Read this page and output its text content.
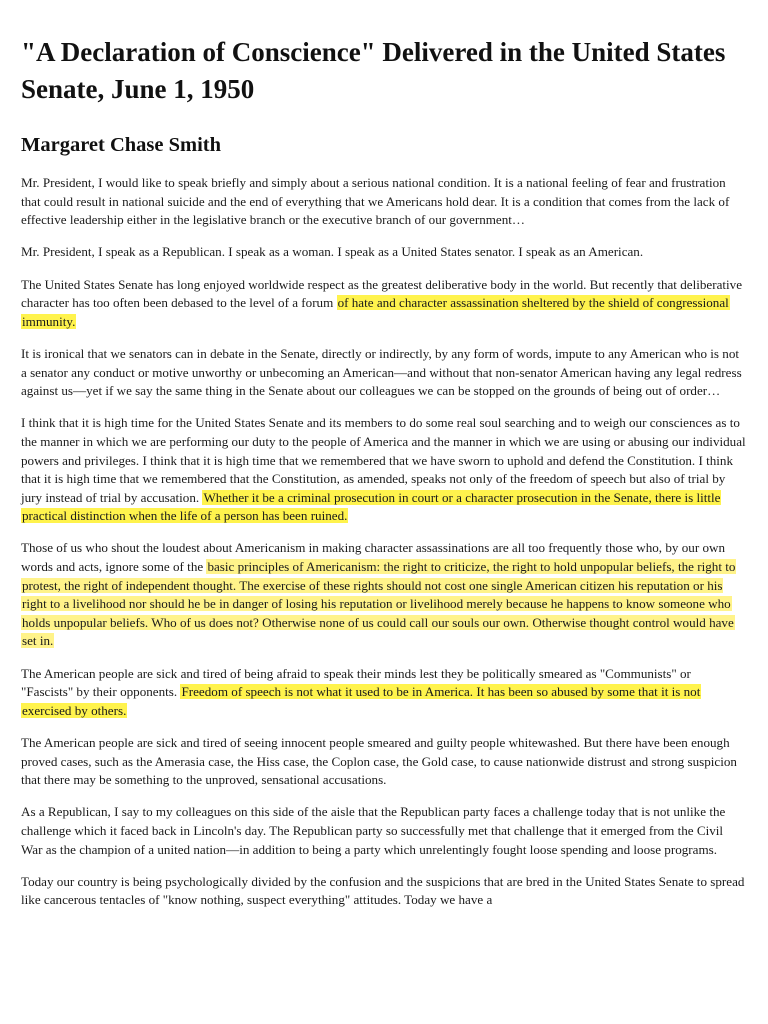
"A Declaration of Conscience" Delivered in the United States Senate, June 1, 1950
Margaret Chase Smith

Mr. President, I would like to speak briefly and simply about a serious national condition. It is a national feeling of fear and frustration that could result in national suicide and the end of everything that we Americans hold dear. It is a condition that comes from the lack of effective leadership either in the legislative branch or the executive branch of our government…

Mr. President, I speak as a Republican. I speak as a woman. I speak as a United States senator. I speak as an American.

The United States Senate has long enjoyed worldwide respect as the greatest deliberative body in the world. But recently that deliberative character has too often been debased to the level of a forum of hate and character assassination sheltered by the shield of congressional immunity.

It is ironical that we senators can in debate in the Senate, directly or indirectly, by any form of words, impute to any American who is not a senator any conduct or motive unworthy or unbecoming an American—and without that non-senator American having any legal redress against us—yet if we say the same thing in the Senate about our colleagues we can be stopped on the grounds of being out of order…

I think that it is high time for the United States Senate and its members to do some real soul searching and to weigh our consciences as to the manner in which we are performing our duty to the people of America and the manner in which we are using or abusing our individual powers and privileges. I think that it is high time that we remembered that we have sworn to uphold and defend the Constitution. I think that it is high time that we remembered that the Constitution, as amended, speaks not only of the freedom of speech but also of trial by jury instead of trial by accusation. Whether it be a criminal prosecution in court or a character prosecution in the Senate, there is little practical distinction when the life of a person has been ruined.

Those of us who shout the loudest about Americanism in making character assassinations are all too frequently those who, by our own words and acts, ignore some of the basic principles of Americanism: the right to criticize, the right to hold unpopular beliefs, the right to protest, the right of independent thought. The exercise of these rights should not cost one single American citizen his reputation or his right to a livelihood nor should he be in danger of losing his reputation or livelihood merely because he happens to know someone who holds unpopular beliefs. Who of us does not? Otherwise none of us could call our souls our own. Otherwise thought control would have set in.

The American people are sick and tired of being afraid to speak their minds lest they be politically smeared as "Communists" or "Fascists" by their opponents. Freedom of speech is not what it used to be in America. It has been so abused by some that it is not exercised by others.

The American people are sick and tired of seeing innocent people smeared and guilty people whitewashed. But there have been enough proved cases, such as the Amerasia case, the Hiss case, the Coplon case, the Gold case, to cause nationwide distrust and strong suspicion that there may be something to the unproved, sensational accusations.

As a Republican, I say to my colleagues on this side of the aisle that the Republican party faces a challenge today that is not unlike the challenge which it faced back in Lincoln's day. The Republican party so successfully met that challenge that it emerged from the Civil War as the champion of a united nation—in addition to being a party which unrelentingly fought loose spending and loose programs.

Today our country is being psychologically divided by the confusion and the suspicions that are bred in the United States Senate to spread like cancerous tentacles of "know nothing, suspect everything" attitudes. Today we have a
